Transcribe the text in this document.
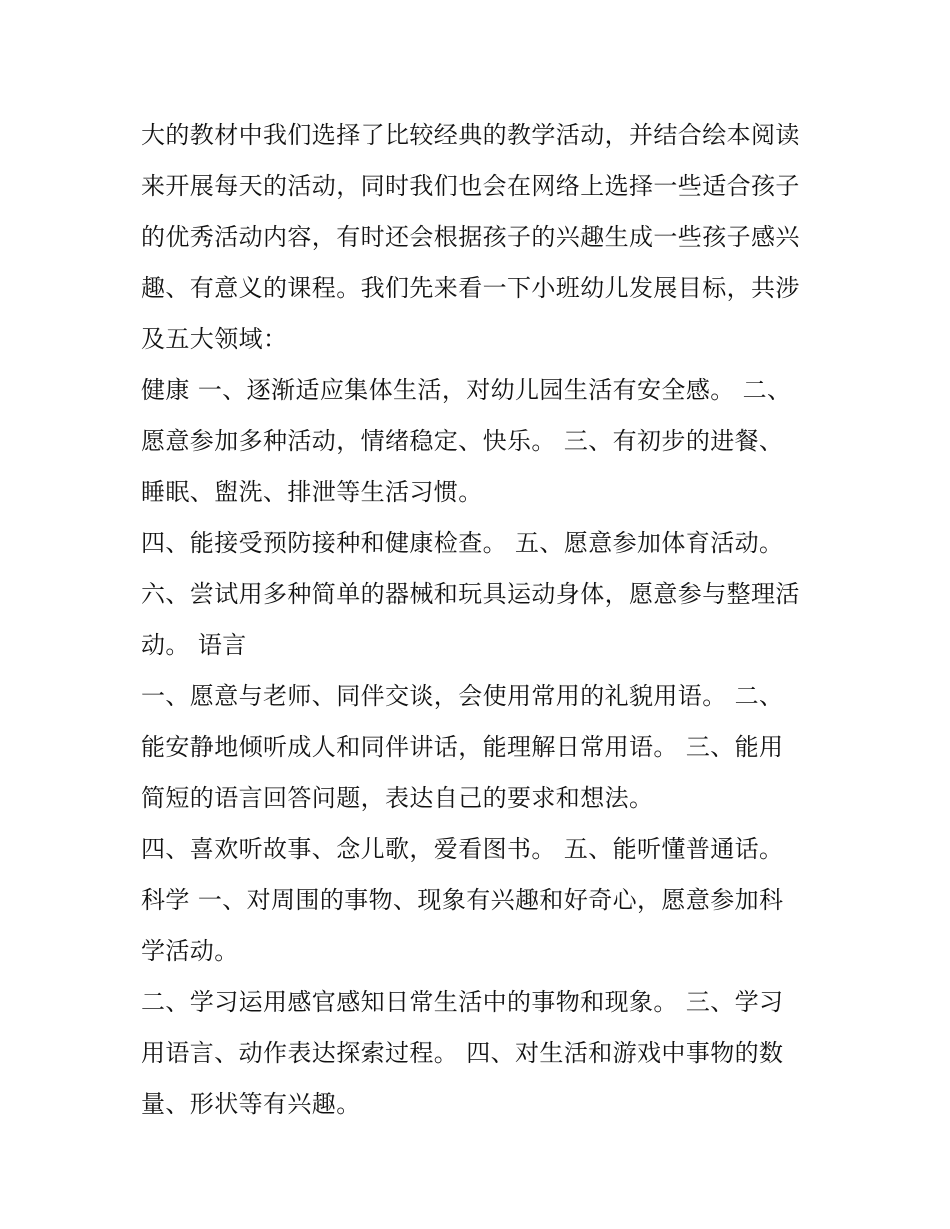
大的教材中我们选择了比较经典的教学活动，并结合绘本阅读
来开展每天的活动，同时我们也会在网络上选择一些适合孩子
的优秀活动内容，有时还会根据孩子的兴趣生成一些孩子感兴
趣、有意义的课程。我们先来看一下小班幼儿发展目标，共涉
及五大领域：
健康 一、逐渐适应集体生活，对幼儿园生活有安全感。 二、
愿意参加多种活动，情绪稳定、快乐。 三、有初步的进餐、
睡眠、盥洗、排泄等生活习惯。
四、能接受预防接种和健康检查。 五、愿意参加体育活动。
六、尝试用多种简单的器械和玩具运动身体，愿意参与整理活
动。 语言
一、愿意与老师、同伴交谈，会使用常用的礼貌用语。 二、
能安静地倾听成人和同伴讲话，能理解日常用语。 三、能用
简短的语言回答问题，表达自己的要求和想法。
四、喜欢听故事、念儿歌，爱看图书。 五、能听懂普通话。
科学 一、对周围的事物、现象有兴趣和好奇心，愿意参加科
学活动。
二、学习运用感官感知日常生活中的事物和现象。 三、学习
用语言、动作表达探索过程。 四、对生活和游戏中事物的数
量、形状等有兴趣。
